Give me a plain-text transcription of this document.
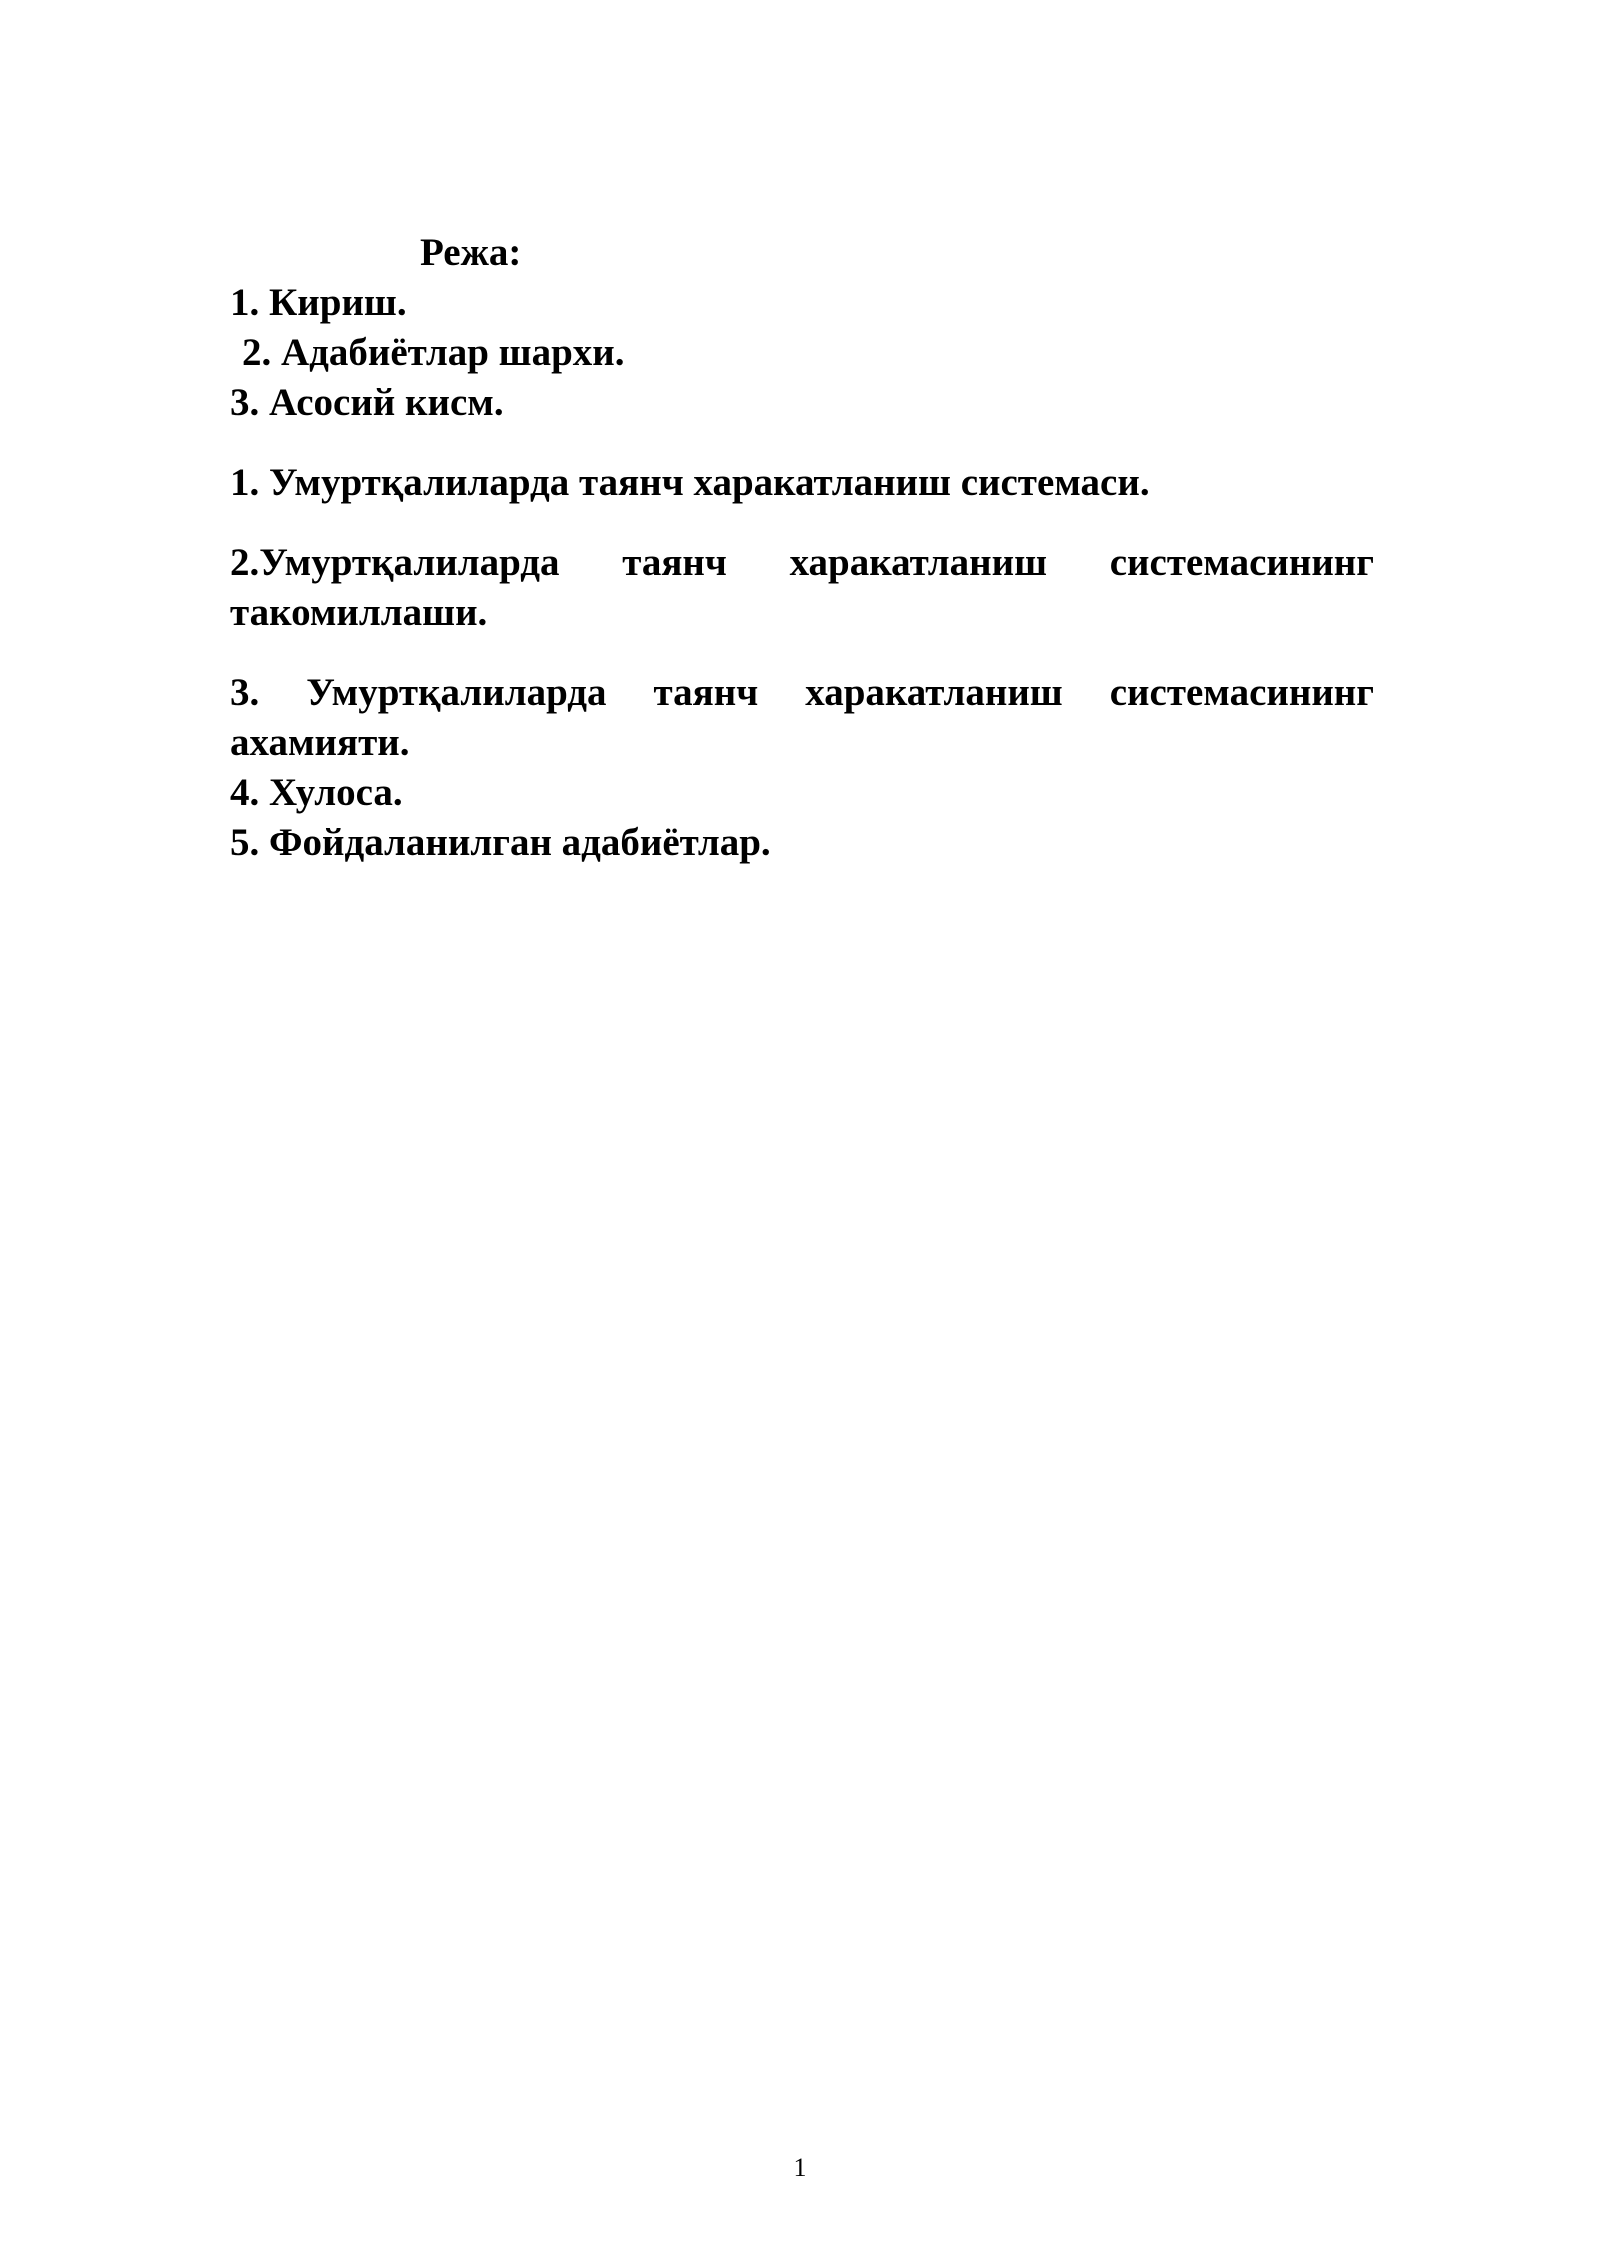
Режа:
1. Кириш.
2. Адабиётлар шархи.
3. Асосий кисм.
1. Умуртқалиларда таянч харакатланиш системаси.
2.Умуртқалиларда таянч харакатланиш системасининг такомиллаши.
3. Умуртқалиларда таянч харакатланиш системасининг ахамияти.
4. Хулоса.
5. Фойдаланилган адабиётлар.
1
